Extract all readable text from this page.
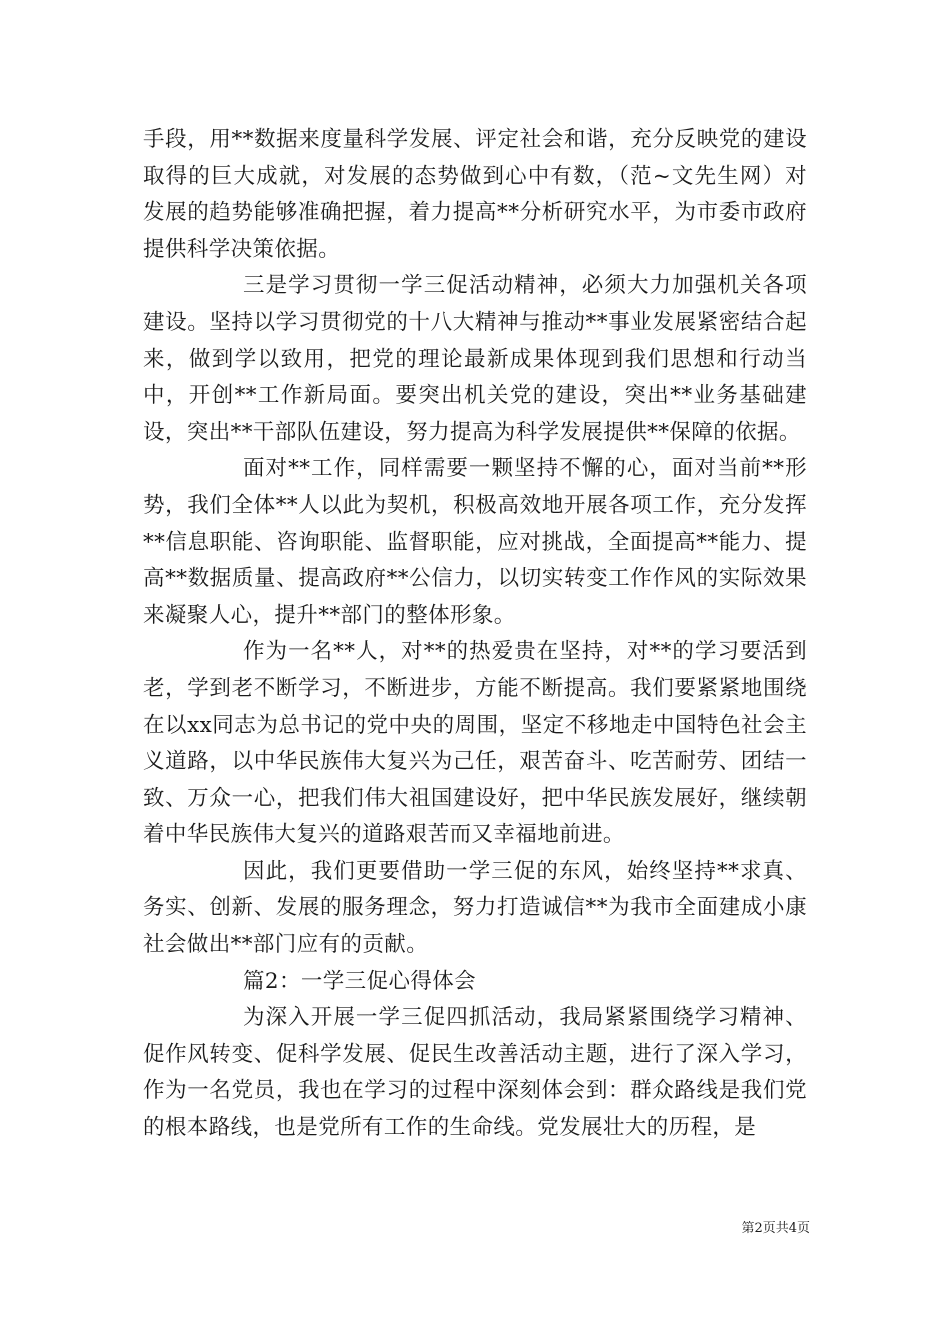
手段，用**数据来度量科学发展、评定社会和谐，充分反映党的建设取得的巨大成就，对发展的态势做到心中有数，（范~文先生网）对发展的趋势能够准确把握，着力提高**分析研究水平，为市委市政府提供科学决策依据。

三是学习贯彻一学三促活动精神，必须大力加强机关各项建设。坚持以学习贯彻党的十八大精神与推动**事业发展紧密结合起来，做到学以致用，把党的理论最新成果体现到我们思想和行动当中，开创**工作新局面。要突出机关党的建设，突出**业务基础建设，突出**干部队伍建设，努力提高为科学发展提供**保障的依据。

面对**工作，同样需要一颗坚持不懈的心，面对当前**形势，我们全体**人以此为契机，积极高效地开展各项工作，充分发挥**信息职能、咨询职能、监督职能，应对挑战，全面提高**能力、提高**数据质量、提高政府**公信力，以切实转变工作作风的实际效果来凝聚人心，提升**部门的整体形象。

作为一名**人，对**的热爱贵在坚持，对**的学习要活到老，学到老不断学习，不断进步，方能不断提高。我们要紧紧地围绕在以xx同志为总书记的党中央的周围，坚定不移地走中国特色社会主义道路，以中华民族伟大复兴为己任，艰苦奋斗、吃苦耐劳、团结一致、万众一心，把我们伟大祖国建设好，把中华民族发展好，继续朝着中华民族伟大复兴的道路艰苦而又幸福地前进。

因此，我们更要借助一学三促的东风，始终坚持**求真、务实、创新、发展的服务理念，努力打造诚信**为我市全面建成小康社会做出**部门应有的贡献。

篇2：一学三促心得体会

为深入开展一学三促四抓活动，我局紧紧围绕学习精神、促作风转变、促科学发展、促民生改善活动主题，进行了深入学习，作为一名党员，我也在学习的过程中深刻体会到：群众路线是我们党的根本路线，也是党所有工作的生命线。党发展壮大的历程，是

第2页共4页
